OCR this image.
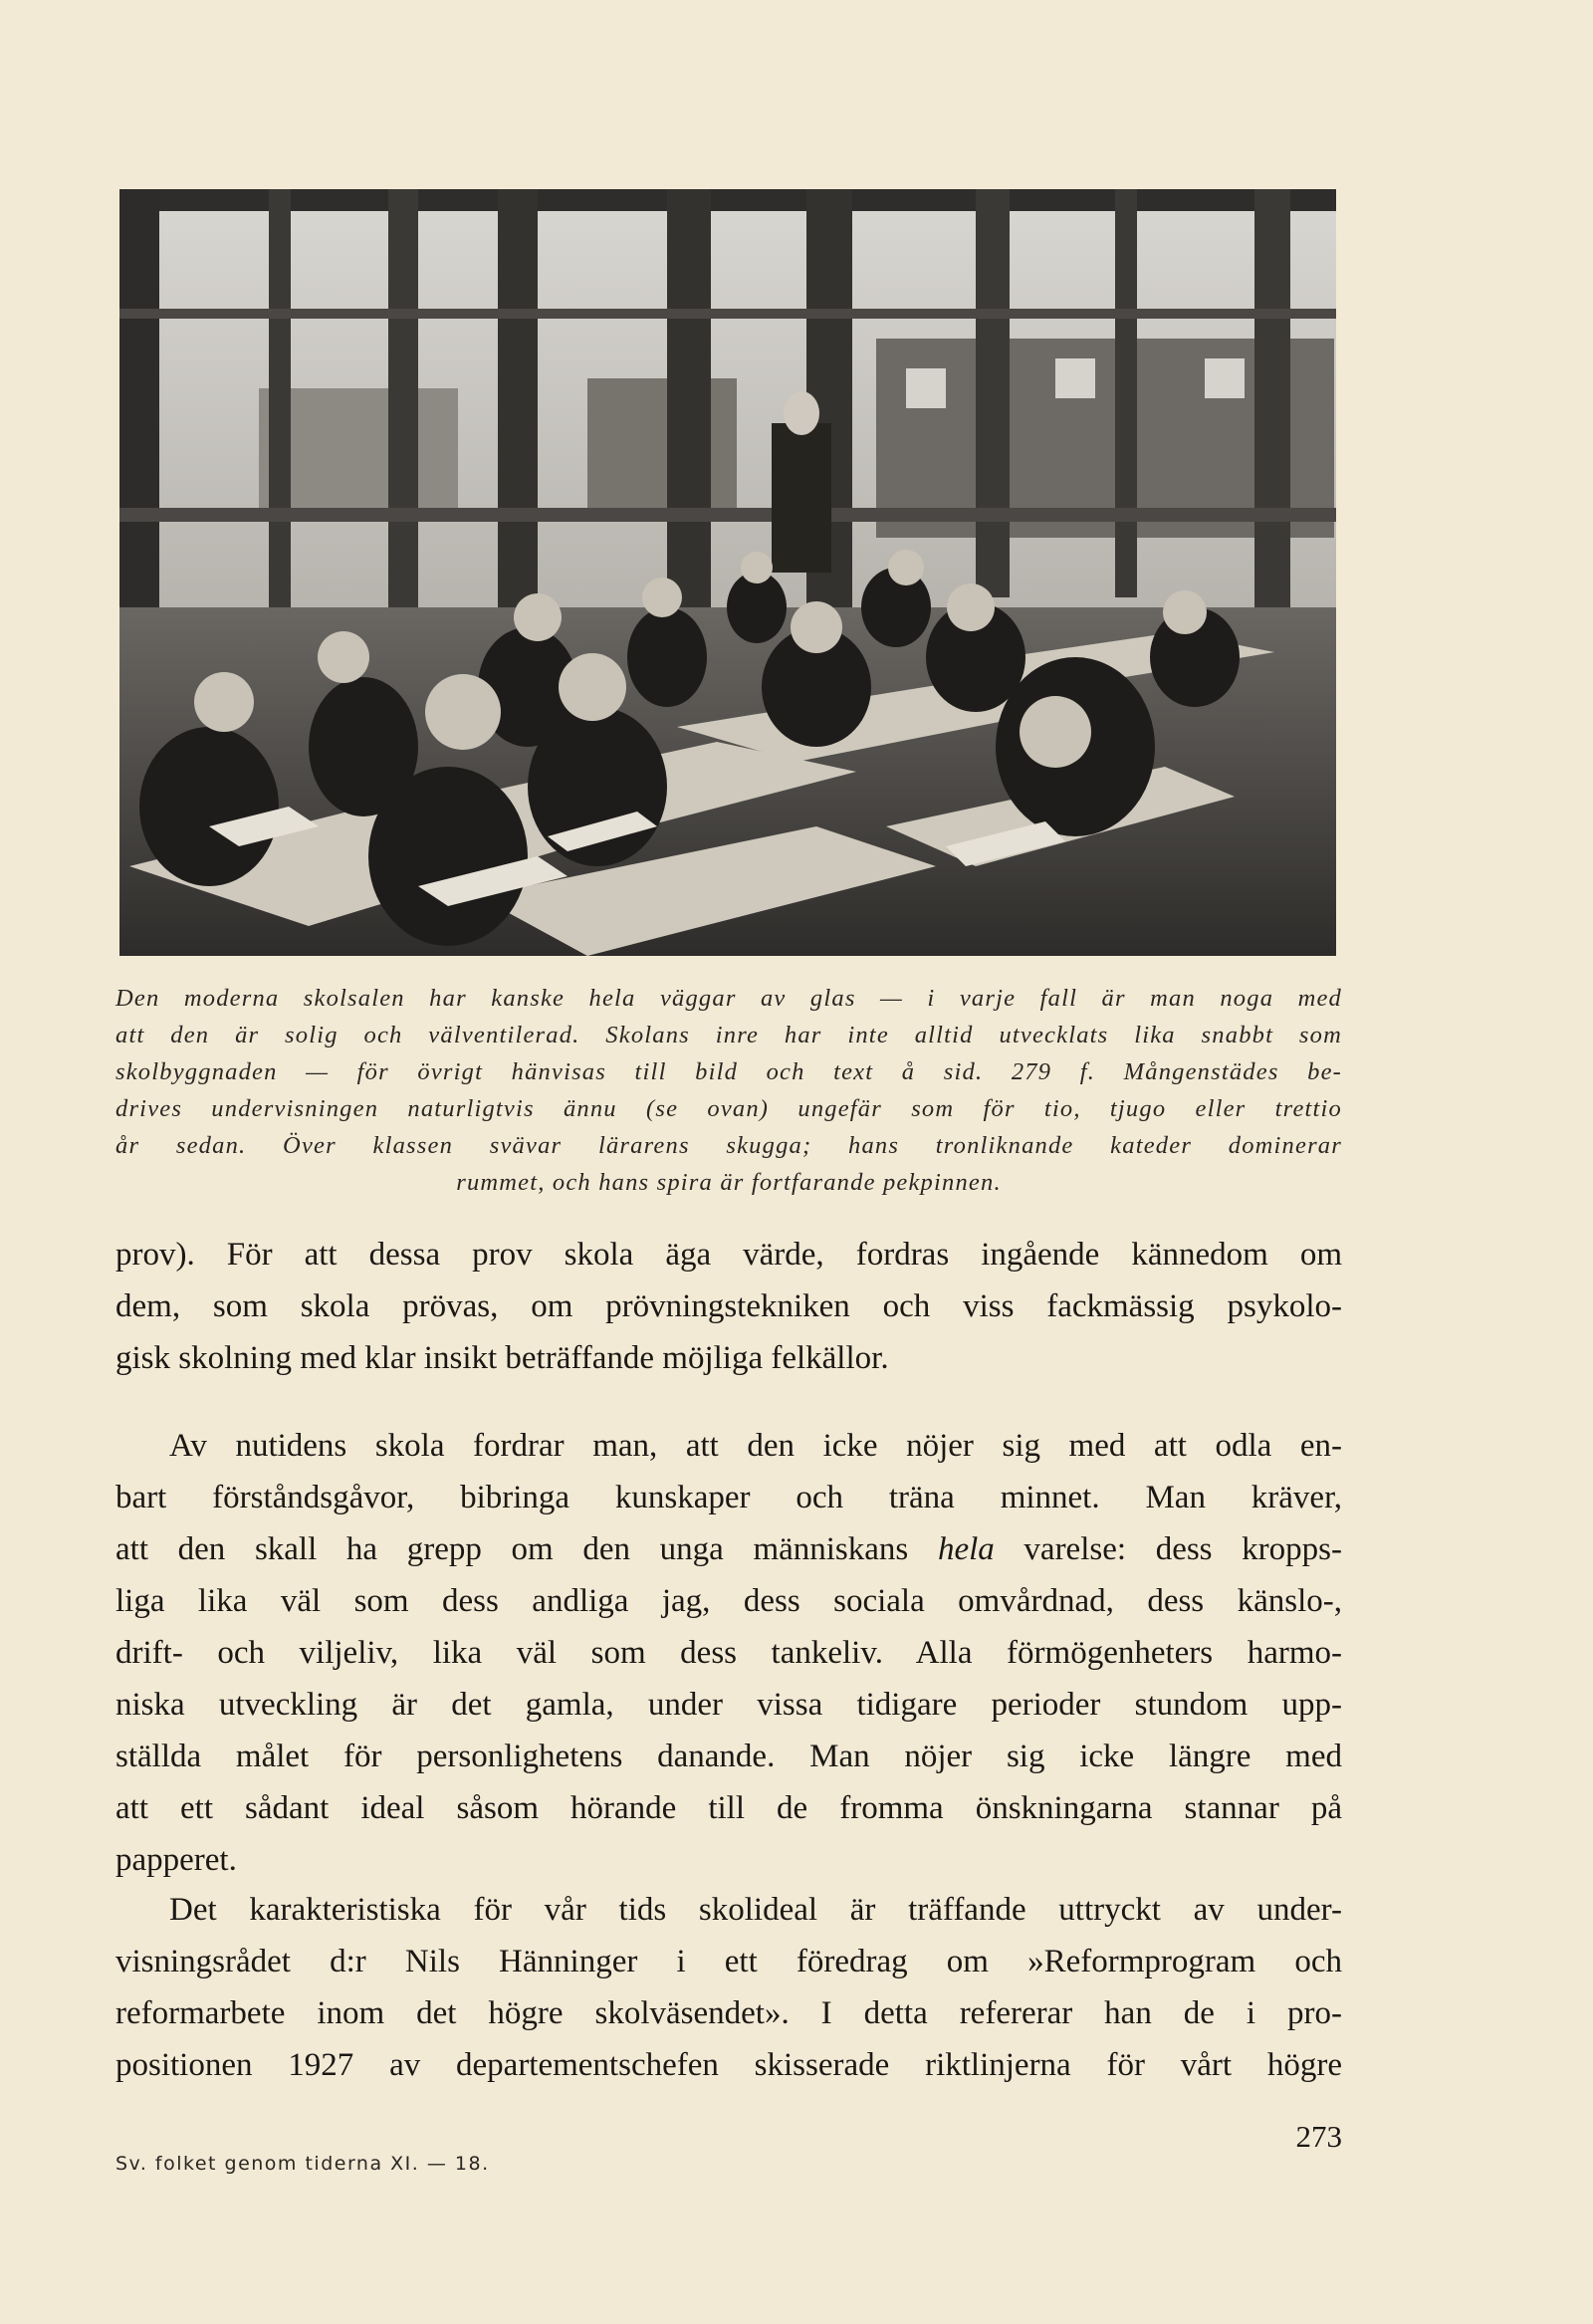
Den moderna skolsalen har kanske hela väggar av glas — i varje fall är man noga med

att den är solig och välventilerad. Skolans inre har inte alltid utvecklats lika snabbt som

skolbyggnaden — för övrigt hänvisas till bild och text å sid. 279 f. Mångenstädes be-

drives undervisningen naturligtvis ännu (se ovan) ungefär som för tio, tjugo eller trettio

år sedan. Över klassen svävar lärarens skugga; hans tronliknande kateder dominerar

rummet, och hans spira är fortfarande pekpinnen.

prov). För att dessa prov skola äga värde, fordras ingående kännedom om

dem, som skola prövas, om prövningstekniken och viss fackmässig psykolo-

gisk skolning med klar insikt beträffande möjliga felkällor.

Av nutidens skola fordrar man, att den icke nöjer sig med att odla en-

bart förståndsgåvor, bibringa kunskaper och träna minnet. Man kräver,

att den skall ha grepp om den unga människans hela varelse: dess kropps-

liga lika väl som dess andliga jag, dess sociala omvårdnad, dess känslo-,

drift- och viljeliv, lika väl som dess tankeliv. Alla förmögenheters harmo-

niska utveckling är det gamla, under vissa tidigare perioder stundom upp-

ställda målet för personlighetens danande. Man nöjer sig icke längre med

att ett sådant ideal såsom hörande till de fromma önskningarna stannar på

papperet.

Det karakteristiska för vår tids skolideal är träffande uttryckt av under-

visningsrådet d:r Nils Hänninger i ett föredrag om »Reformprogram och

reformarbete inom det högre skolväsendet». I detta refererar han de i pro-

positionen 1927 av departementschefen skisserade riktlinjerna för vårt högre

273
Sv. folket genom tiderna XI. — 18.
